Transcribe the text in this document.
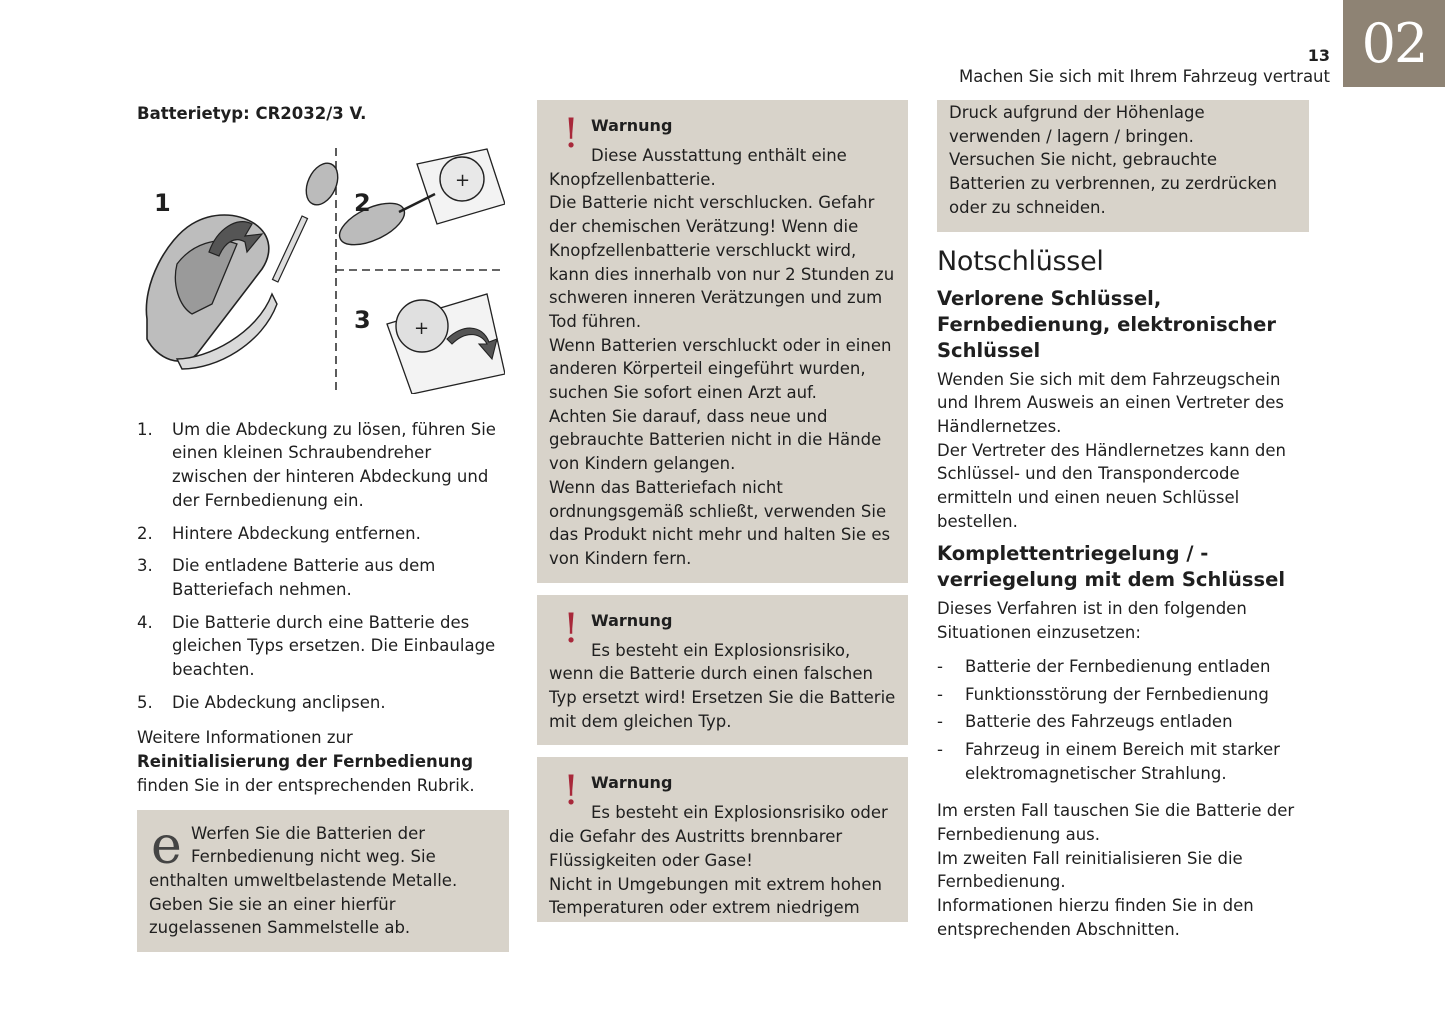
02
13
Machen Sie sich mit Ihrem Fahrzeug vertraut

Batterietyp: CR2032/3 V.

+
+
1	2
3
1. Um die Abdeckung zu lösen, führen Sie einen kleinen Schraubendreher zwischen der hinteren Abdeckung und der Fernbedienung ein.
2. Hintere Abdeckung entfernen.
3. Die entladene Batterie aus dem Batteriefach nehmen.
4. Die Batterie durch eine Batterie des gleichen Typs ersetzen. Die Einbaulage beachten.
5. Die Abdeckung anclipsen.

Weitere Informationen zur Reinitialisierung der Fernbedienung finden Sie in der entsprechenden Rubrik.

e Werfen Sie die Batterien der Fernbedienung nicht weg. Sie enthalten umweltbelastende Metalle. Geben Sie sie an einer hierfür zugelassenen Sammelstelle ab.

! Warnung

Diese Ausstattung enthält eine Knopfzellenbatterie.

Die Batterie nicht verschlucken. Gefahr der chemischen Verätzung! Wenn die Knopfzellenbatterie verschluckt wird, kann dies innerhalb von nur 2 Stunden zu schweren inneren Verätzungen und zum Tod führen.

Wenn Batterien verschluckt oder in einen anderen Körperteil eingeführt wurden, suchen Sie sofort einen Arzt auf.

Achten Sie darauf, dass neue und gebrauchte Batterien nicht in die Hände von Kindern gelangen.

Wenn das Batteriefach nicht ordnungsgemäß schließt, verwenden Sie das Produkt nicht mehr und halten Sie es von Kindern fern.

! Warnung

Es besteht ein Explosionsrisiko, wenn die Batterie durch einen falschen Typ ersetzt wird! Ersetzen Sie die Batterie mit dem gleichen Typ.

! Warnung

Es besteht ein Explosionsrisiko oder die Gefahr des Austritts brennbarer Flüssigkeiten oder Gase!

Nicht in Umgebungen mit extrem hohen Temperaturen oder extrem niedrigem

Druck aufgrund der Höhenlage verwenden / lagern / bringen.

Versuchen Sie nicht, gebrauchte Batterien zu verbrennen, zu zerdrücken oder zu schneiden.

Notschlüssel
Verlorene Schlüssel, Fernbedienung, elektronischer Schlüssel

Wenden Sie sich mit dem Fahrzeugschein und Ihrem Ausweis an einen Vertreter des Händlernetzes.

Der Vertreter des Händlernetzes kann den Schlüssel- und den Transpondercode ermitteln und einen neuen Schlüssel bestellen.

Komplettentriegelung / -verriegelung mit dem Schlüssel

Dieses Verfahren ist in den folgenden Situationen einzusetzen:

- Batterie der Fernbedienung entladen
- Funktionsstörung der Fernbedienung
- Batterie des Fahrzeugs entladen
- Fahrzeug in einem Bereich mit starker elektromagnetischer Strahlung.

Im ersten Fall tauschen Sie die Batterie der Fernbedienung aus.

Im zweiten Fall reinitialisieren Sie die Fernbedienung.

Informationen hierzu finden Sie in den entsprechenden Abschnitten.
